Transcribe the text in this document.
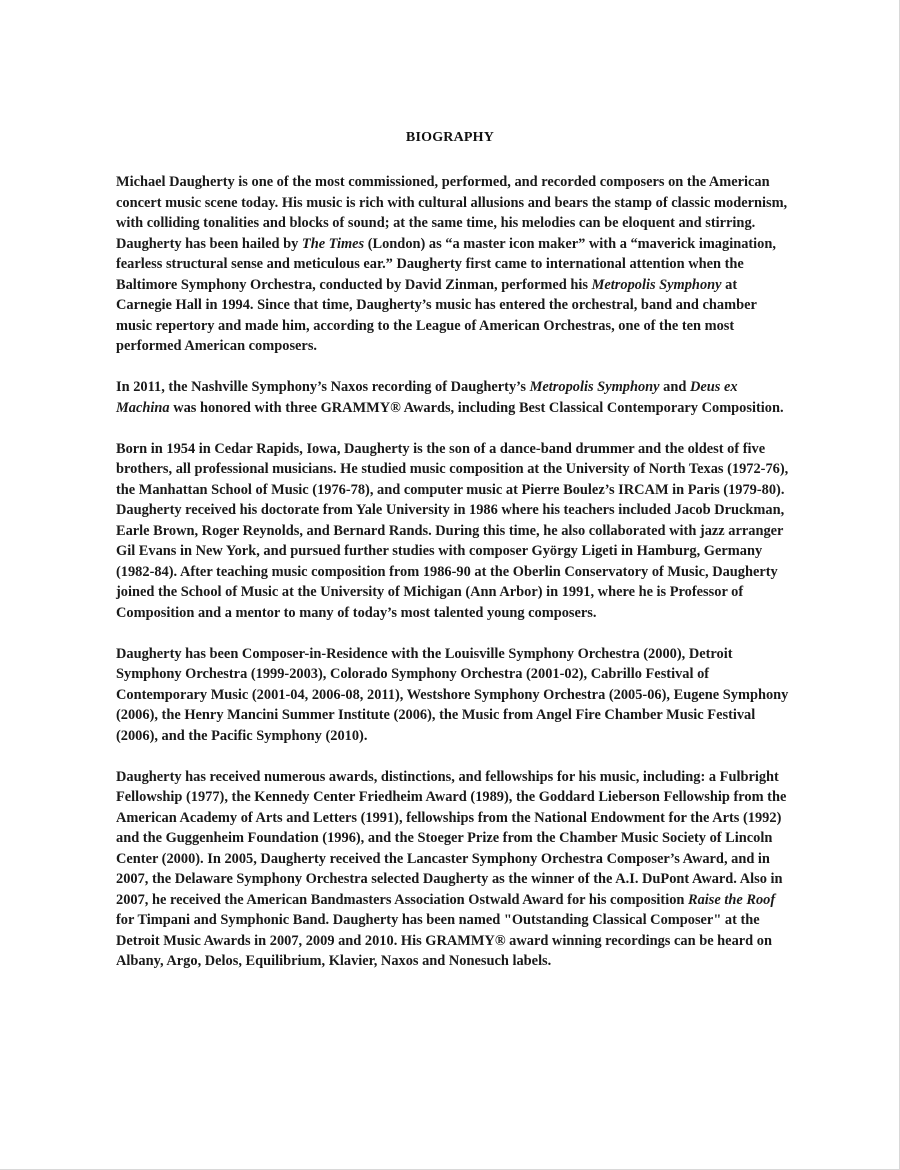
BIOGRAPHY

Michael Daugherty is one of the most commissioned, performed, and recorded composers on the American concert music scene today. His music is rich with cultural allusions and bears the stamp of classic modernism, with colliding tonalities and blocks of sound; at the same time, his melodies can be eloquent and stirring. Daugherty has been hailed by The Times (London) as “a master icon maker” with a “maverick imagination, fearless structural sense and meticulous ear.” Daugherty first came to international attention when the Baltimore Symphony Orchestra, conducted by David Zinman, performed his Metropolis Symphony at Carnegie Hall in 1994. Since that time, Daugherty’s music has entered the orchestral, band and chamber music repertory and made him, according to the League of American Orchestras, one of the ten most performed American composers.

In 2011, the Nashville Symphony’s Naxos recording of Daugherty’s Metropolis Symphony and Deus ex Machina was honored with three GRAMMY® Awards, including Best Classical Contemporary Composition.

Born in 1954 in Cedar Rapids, Iowa, Daugherty is the son of a dance-band drummer and the oldest of five brothers, all professional musicians. He studied music composition at the University of North Texas (1972-76), the Manhattan School of Music (1976-78), and computer music at Pierre Boulez’s IRCAM in Paris (1979-80). Daugherty received his doctorate from Yale University in 1986 where his teachers included Jacob Druckman, Earle Brown, Roger Reynolds, and Bernard Rands. During this time, he also collaborated with jazz arranger Gil Evans in New York, and pursued further studies with composer György Ligeti in Hamburg, Germany (1982-84). After teaching music composition from 1986-90 at the Oberlin Conservatory of Music, Daugherty joined the School of Music at the University of Michigan (Ann Arbor) in 1991, where he is Professor of Composition and a mentor to many of today’s most talented young composers.

Daugherty has been Composer-in-Residence with the Louisville Symphony Orchestra (2000), Detroit Symphony Orchestra (1999-2003), Colorado Symphony Orchestra (2001-02), Cabrillo Festival of Contemporary Music (2001-04, 2006-08, 2011), Westshore Symphony Orchestra (2005-06), Eugene Symphony (2006), the Henry Mancini Summer Institute (2006), the Music from Angel Fire Chamber Music Festival (2006), and the Pacific Symphony (2010).

Daugherty has received numerous awards, distinctions, and fellowships for his music, including: a Fulbright Fellowship (1977), the Kennedy Center Friedheim Award (1989), the Goddard Lieberson Fellowship from the American Academy of Arts and Letters (1991), fellowships from the National Endowment for the Arts (1992) and the Guggenheim Foundation (1996), and the Stoeger Prize from the Chamber Music Society of Lincoln Center (2000). In 2005, Daugherty received the Lancaster Symphony Orchestra Composer’s Award, and in 2007, the Delaware Symphony Orchestra selected Daugherty as the winner of the A.I. DuPont Award. Also in 2007, he received the American Bandmasters Association Ostwald Award for his composition Raise the Roof for Timpani and Symphonic Band. Daugherty has been named "Outstanding Classical Composer" at the Detroit Music Awards in 2007, 2009 and 2010. His GRAMMY® award winning recordings can be heard on Albany, Argo, Delos, Equilibrium, Klavier, Naxos and Nonesuch labels.
